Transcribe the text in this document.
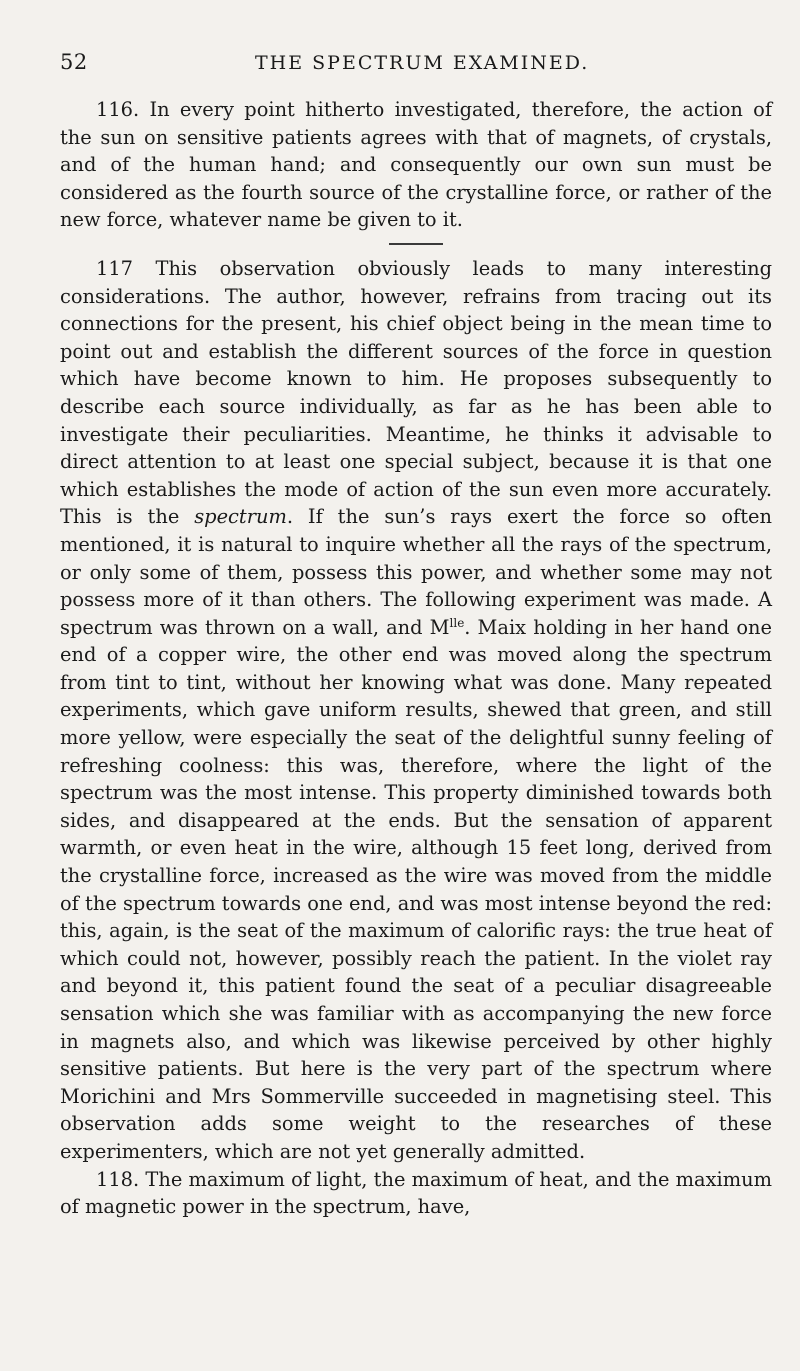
52	THE SPECTRUM EXAMINED.

116. In every point hitherto investigated, therefore, the action of the sun on sensitive patients agrees with that of magnets, of crystals, and of the human hand; and consequently our own sun must be considered as the fourth source of the crystalline force, or rather of the new force, whatever name be given to it.

117 This observation obviously leads to many interesting considerations. The author, however, refrains from tracing out its connections for the present, his chief object being in the mean time to point out and establish the different sources of the force in question which have become known to him. He proposes subsequently to describe each source individually, as far as he has been able to investigate their peculiarities. Meantime, he thinks it advisable to direct attention to at least one special subject, because it is that one which establishes the mode of action of the sun even more accurately. This is the spectrum. If the sun’s rays exert the force so often mentioned, it is natural to inquire whether all the rays of the spectrum, or only some of them, possess this power, and whether some may not possess more of it than others. The following experiment was made. A spectrum was thrown on a wall, and $M^{lle}$. Maix holding in her hand one end of a copper wire, the other end was moved along the spectrum from tint to tint, without her knowing what was done. Many repeated experiments, which gave uniform results, shewed that green, and still more yellow, were especially the seat of the delightful sunny feeling of refreshing coolness: this was, therefore, where the light of the spectrum was the most intense. This property diminished towards both sides, and disappeared at the ends. But the sensation of apparent warmth, or even heat in the wire, although 15 feet long, derived from the crystalline force, increased as the wire was moved from the middle of the spectrum towards one end, and was most intense beyond the red: this, again, is the seat of the maximum of calorific rays: the true heat of which could not, however, possibly reach the patient. In the violet ray and beyond it, this patient found the seat of a peculiar disagreeable sensation which she was familiar with as accompanying the new force in magnets also, and which was likewise perceived by other highly sensitive patients. But here is the very part of the spectrum where Morichini and Mrs Sommerville succeeded in magnetising steel. This observation adds some weight to the researches of these experimenters, which are not yet generally admitted.

118. The maximum of light, the maximum of heat, and the maximum of magnetic power in the spectrum, have,
